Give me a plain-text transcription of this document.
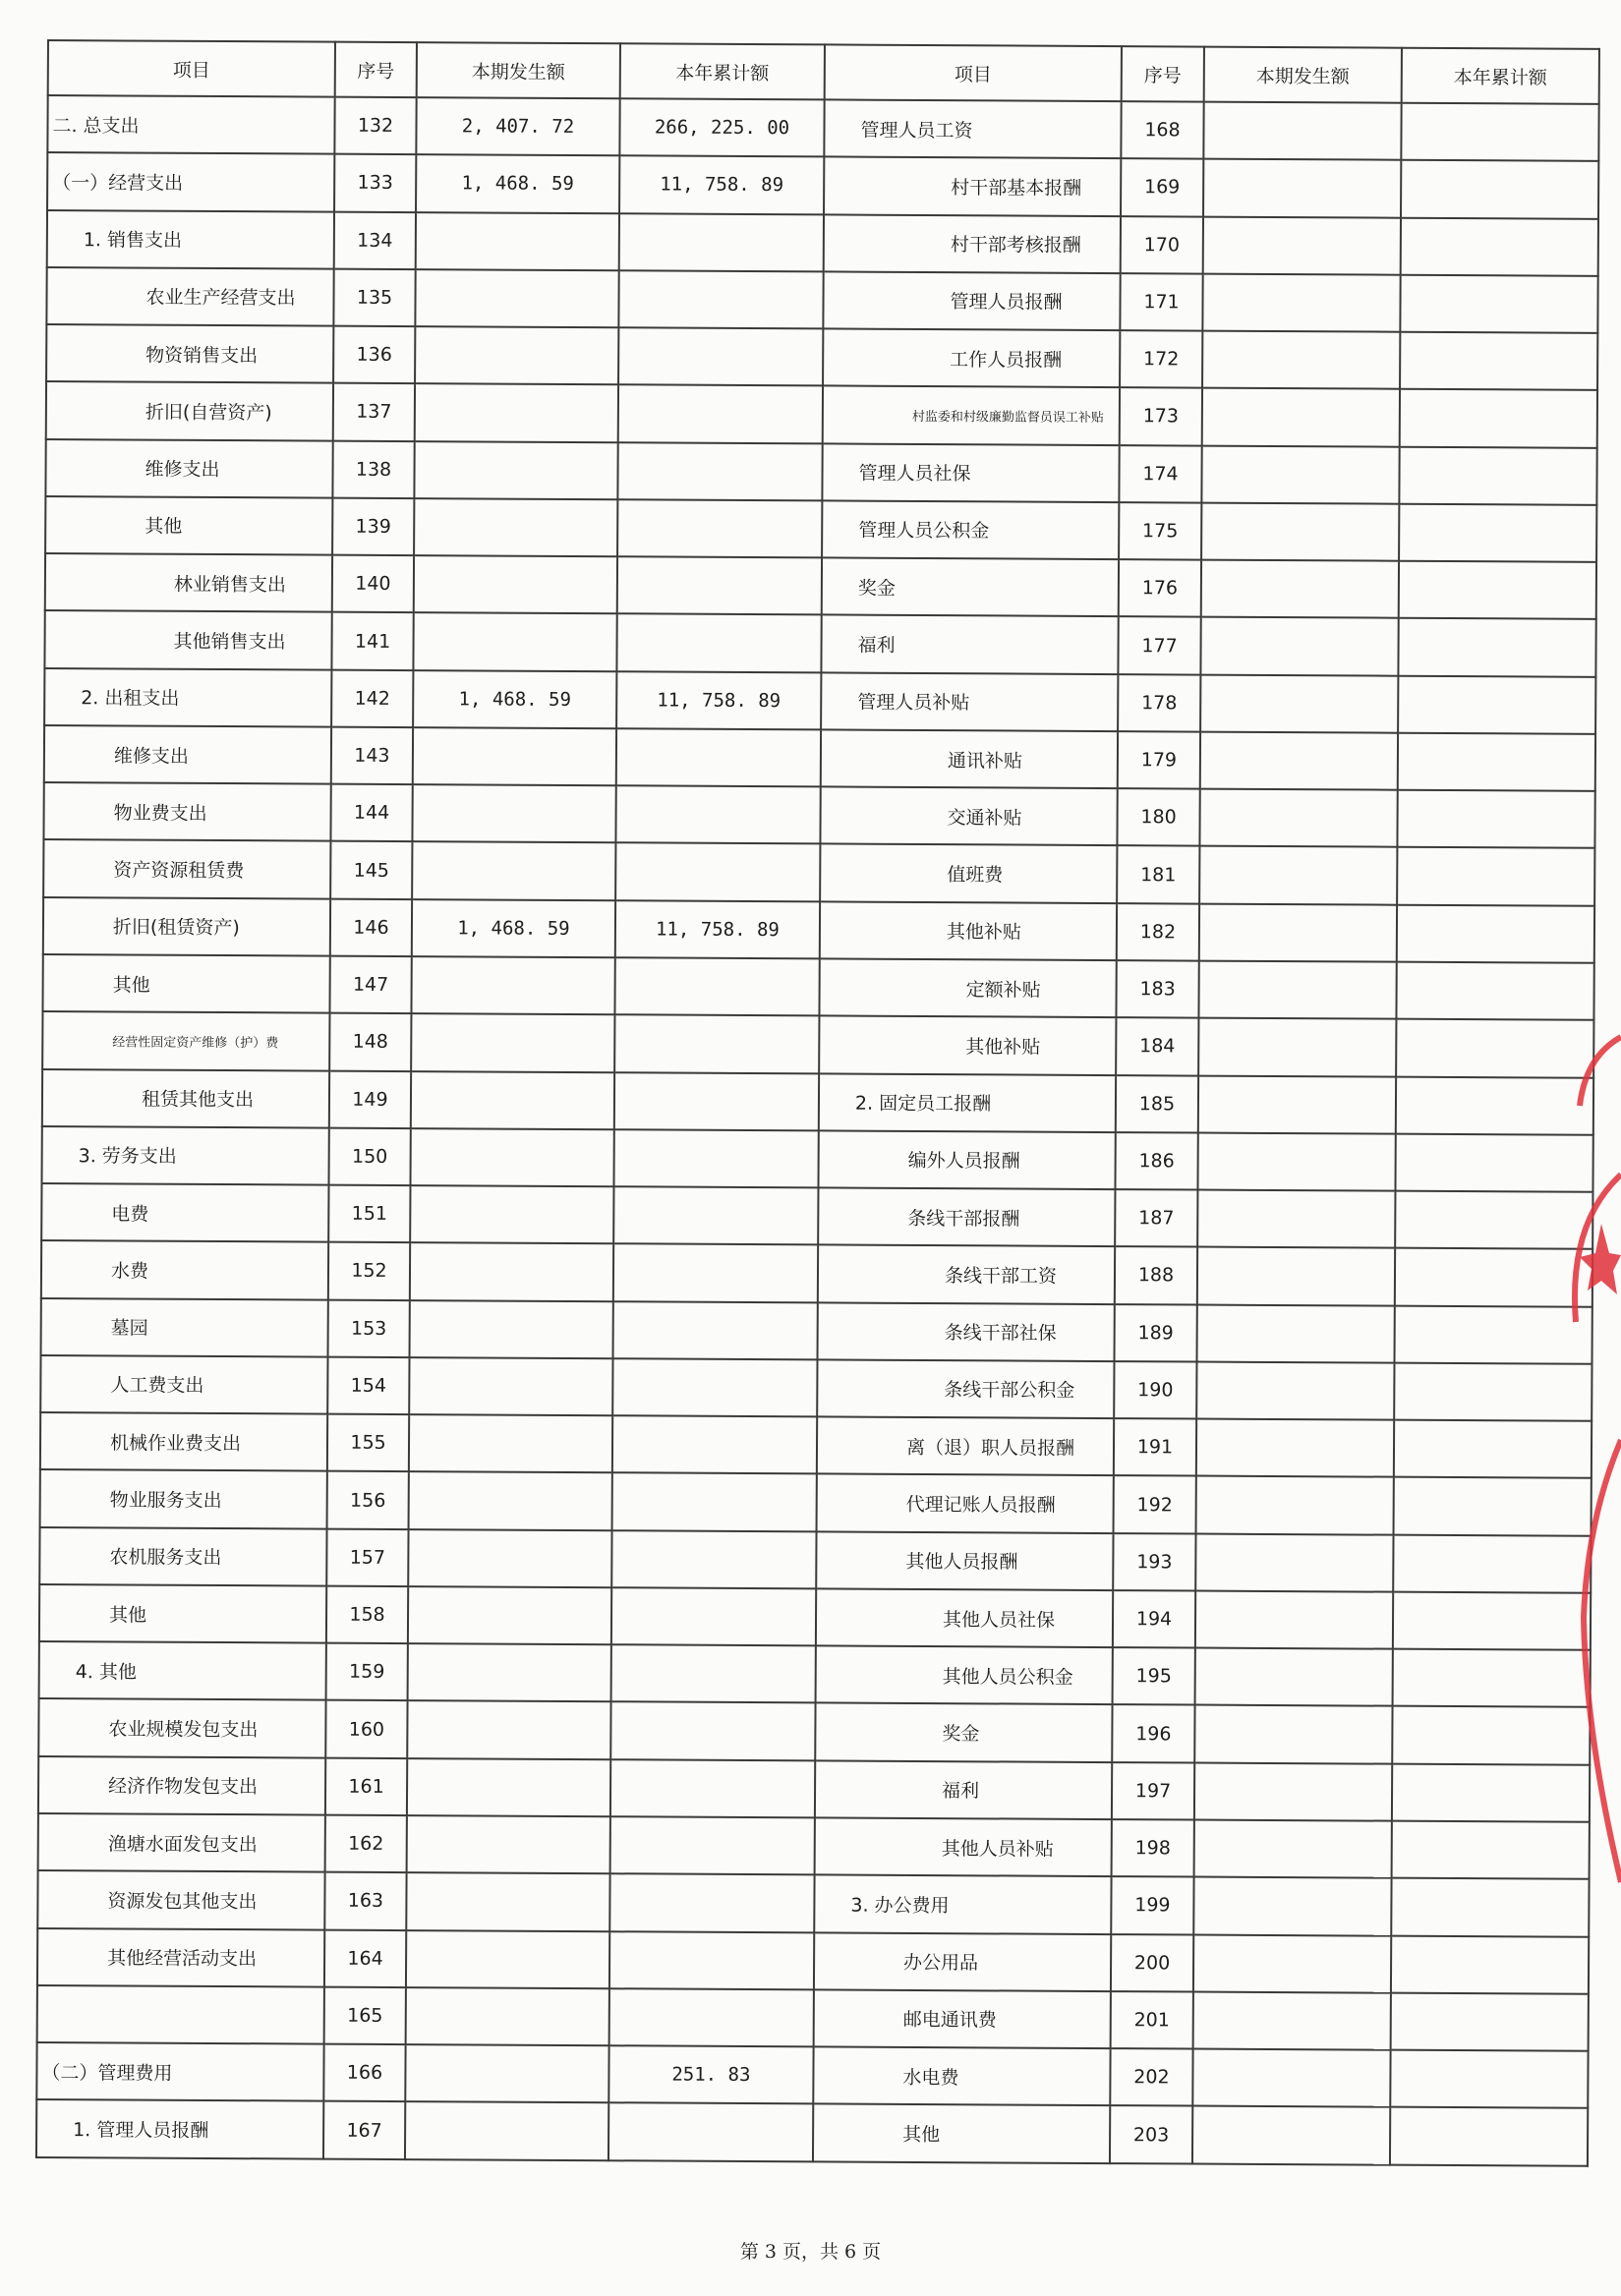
项目	序号	本期发生额	本年累计额	项目	序号	本期发生额	本年累计额
二. 总支出	132	2, 407. 72	266, 225. 00	管理人员工资	168		
（一）经营支出	133	1, 468. 59	11, 758. 89	村干部基本报酬	169		
1. 销售支出	134			村干部考核报酬	170		
农业生产经营支出	135			管理人员报酬	171		
物资销售支出	136			工作人员报酬	172		
折旧(自营资产)	137			村监委和村级廉勤监督员误工补贴	173		
维修支出	138			管理人员社保	174		
其他	139			管理人员公积金	175		
林业销售支出	140			奖金	176		
其他销售支出	141			福利	177		
2. 出租支出	142	1, 468. 59	11, 758. 89	管理人员补贴	178		
维修支出	143			通讯补贴	179		
物业费支出	144			交通补贴	180		
资产资源租赁费	145			值班费	181		
折旧(租赁资产)	146	1, 468. 59	11, 758. 89	其他补贴	182		
其他	147			定额补贴	183		
经营性固定资产维修（护）费	148			其他补贴	184		
租赁其他支出	149			2. 固定员工报酬	185		
3. 劳务支出	150			编外人员报酬	186		
电费	151			条线干部报酬	187		
水费	152			条线干部工资	188		
墓园	153			条线干部社保	189		
人工费支出	154			条线干部公积金	190		
机械作业费支出	155			离（退）职人员报酬	191		
物业服务支出	156			代理记账人员报酬	192		
农机服务支出	157			其他人员报酬	193		
其他	158			其他人员社保	194		
4. 其他	159			其他人员公积金	195		
农业规模发包支出	160			奖金	196		
经济作物发包支出	161			福利	197		
渔塘水面发包支出	162			其他人员补贴	198		
资源发包其他支出	163			3. 办公费用	199		
其他经营活动支出	164			办公用品	200		
	165			邮电通讯费	201		
（二）管理费用	166		251. 83	水电费	202		
1. 管理人员报酬	167			其他	203		
第 3 页，共 6 页
